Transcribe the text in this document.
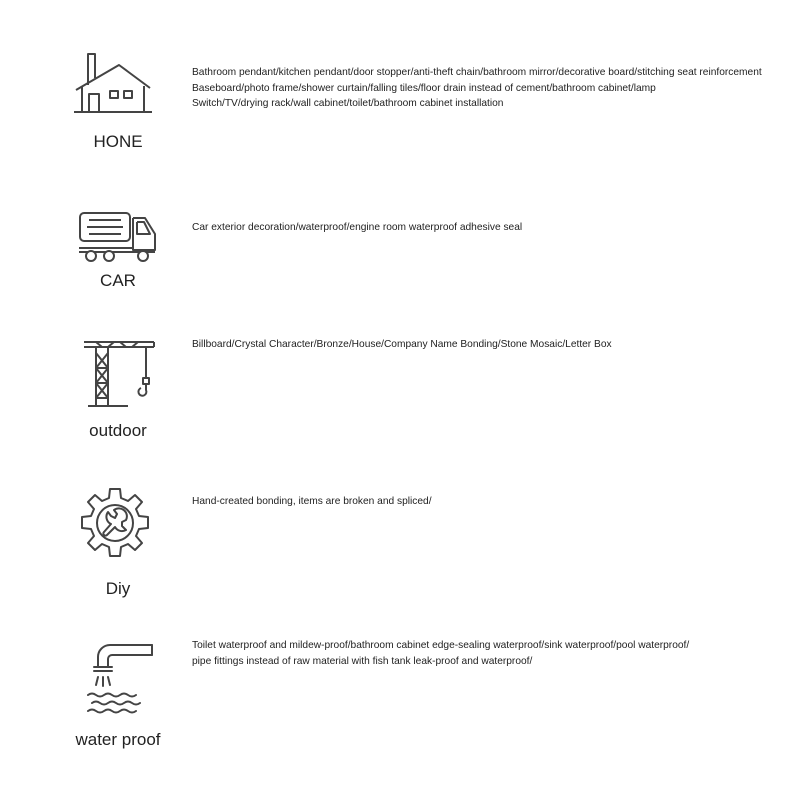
HONE
Bathroom pendant/kitchen pendant/door stopper/anti-theft chain/bathroom mirror/decorative board/stitching seat reinforcement
Baseboard/photo frame/shower curtain/falling tiles/floor drain instead of cement/bathroom cabinet/lamp
Switch/TV/drying rack/wall cabinet/toilet/bathroom cabinet installation
CAR
Car exterior decoration/waterproof/engine room waterproof adhesive seal
outdoor
Billboard/Crystal Character/Bronze/House/Company Name Bonding/Stone Mosaic/Letter Box
Diy
Hand-created bonding, items are broken and spliced/
water proof
Toilet waterproof and mildew-proof/bathroom cabinet edge-sealing waterproof/sink waterproof/pool waterproof/
pipe fittings instead of raw material with fish tank leak-proof and waterproof/
